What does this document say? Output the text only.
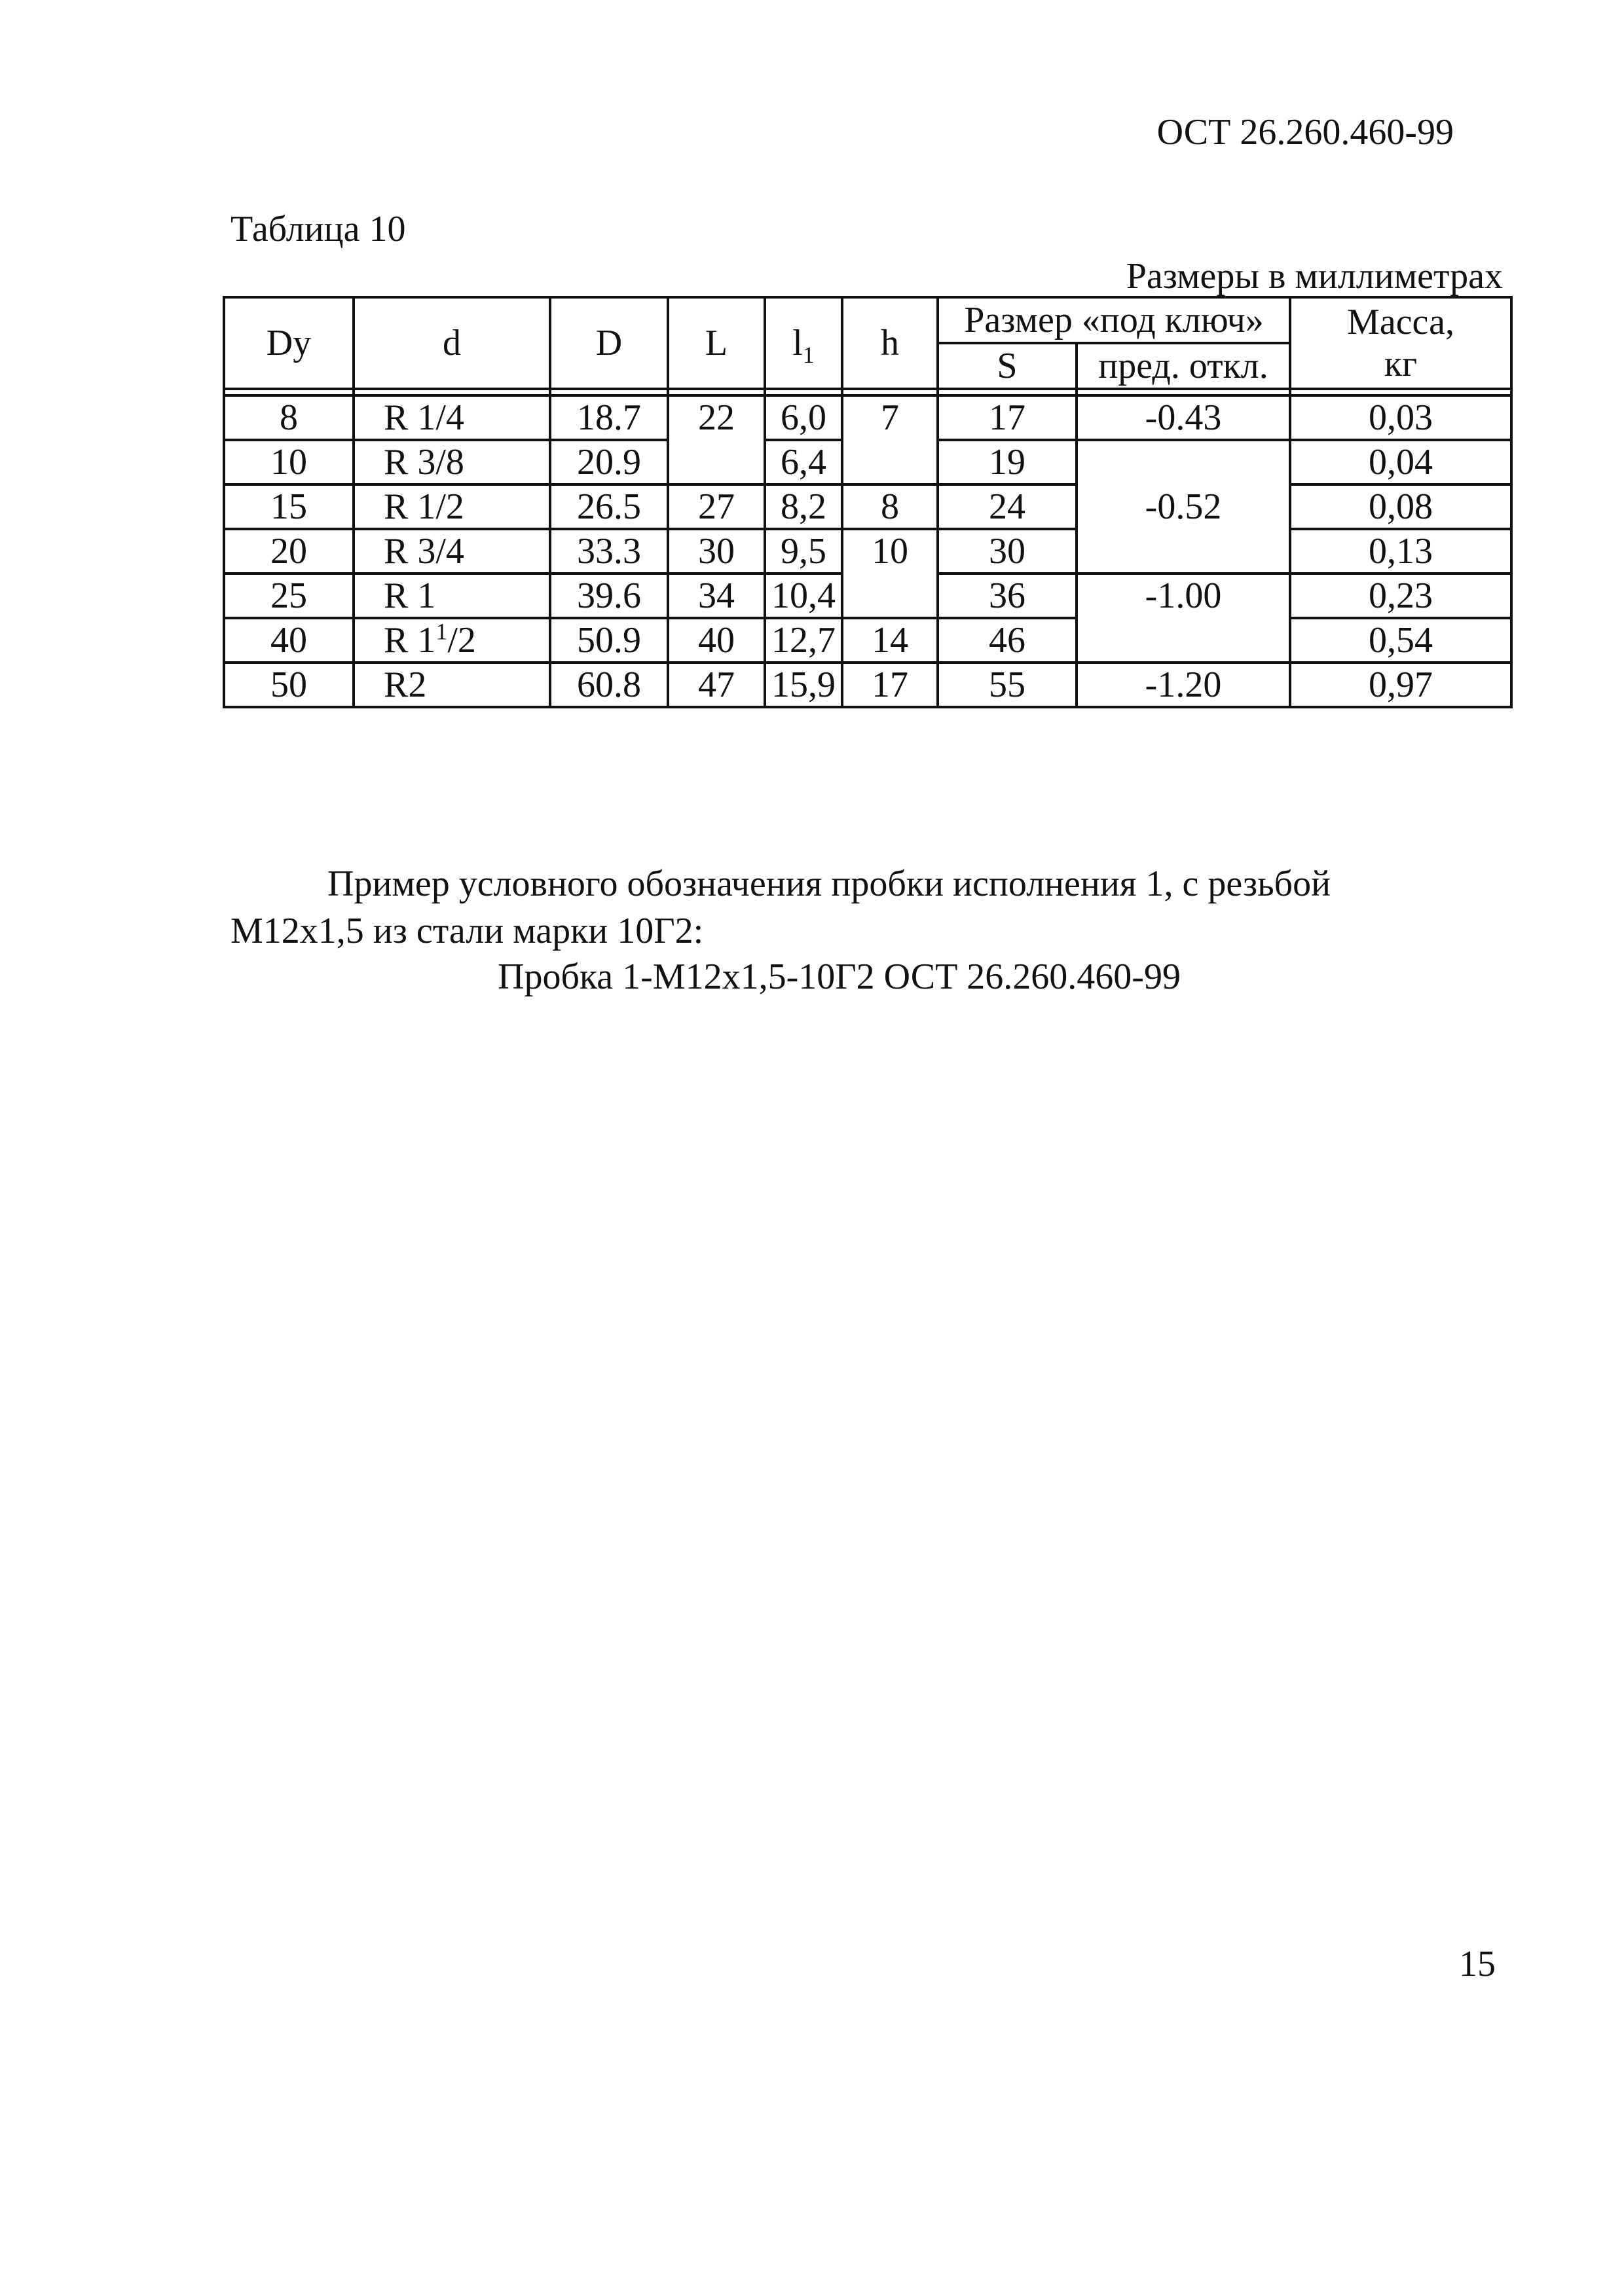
ОСТ 26.260.460-99
Таблица 10
Размеры в миллиметрах
Dy	d	D	L	$l_1$	h	Размер «под ключ»		Масса,
кг

						S	пред. откл.	

8	R 1/4	18.7	22	6,0	7	17	-0.43	0,03
10	R 3/8	20.9		6,4		19	-0.52	0,04
15	R 1/2	26.5	27	8,2	8	24		0,08
20	R 3/4	33.3	30	9,5	10	30		0,13
25	R 1	39.6	34	10,4		36	-1.00	0,23
40	R $1^1/2$	50.9	40	12,7	14	46		0,54
50	R2	60.8	47	15,9	17	55	-1.20	0,97
Пример условного обозначения пробки исполнения 1, с резьбой
М12х1,5 из стали марки 10Г2:
Пробка 1-М12х1,5-10Г2 ОСТ 26.260.460-99
15
